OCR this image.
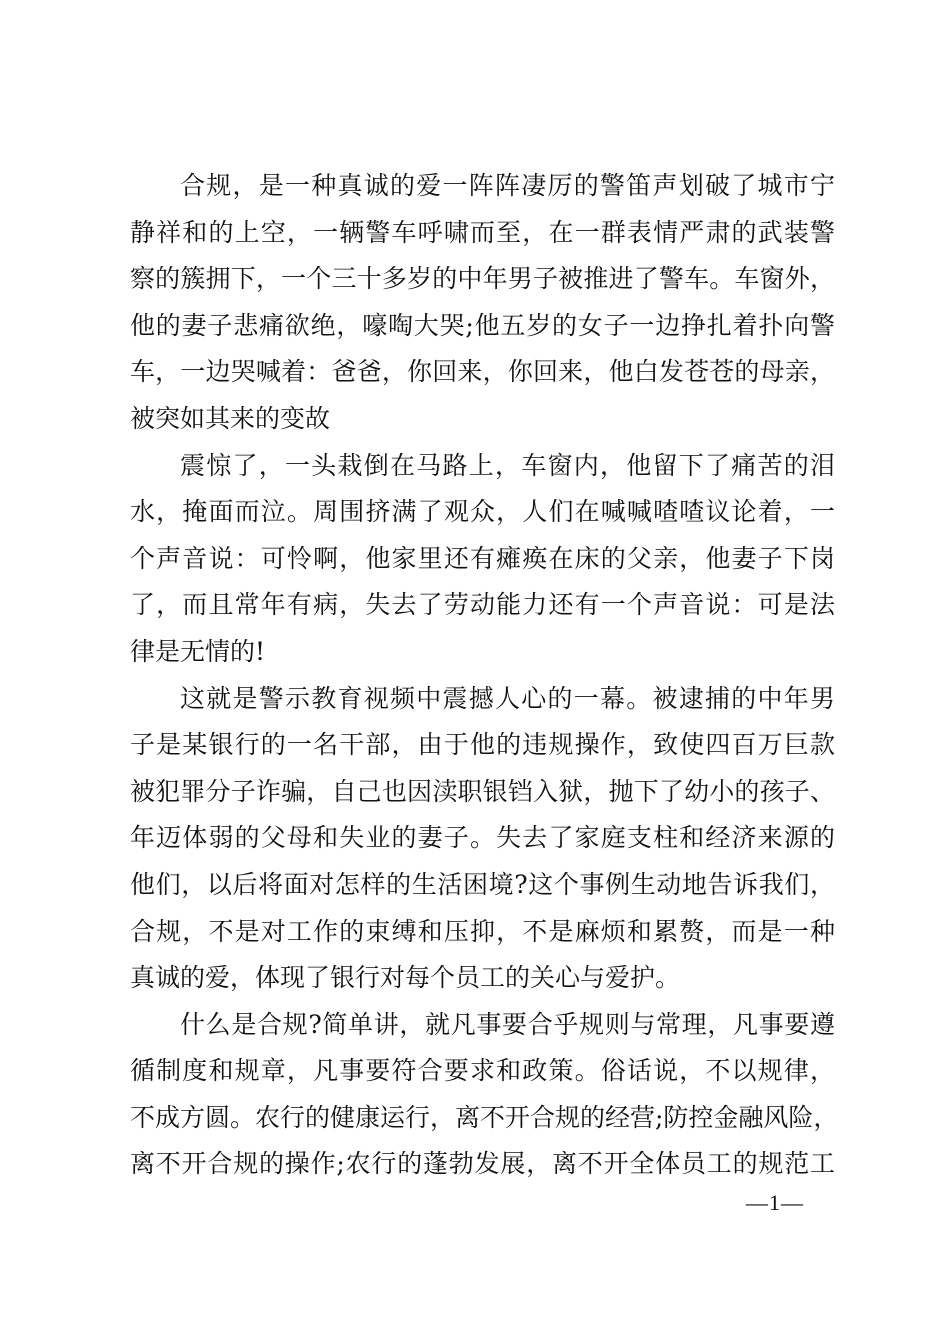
合规，是一种真诚的爱一阵阵凄厉的警笛声划破了城市宁
静祥和的上空，一辆警车呼啸而至，在一群表情严肃的武装警
察的簇拥下，一个三十多岁的中年男子被推进了警车。车窗外，
他的妻子悲痛欲绝，嚎啕大哭;他五岁的女子一边挣扎着扑向警
车，一边哭喊着：爸爸，你回来，你回来，他白发苍苍的母亲，
被突如其来的变故
震惊了，一头栽倒在马路上，车窗内，他留下了痛苦的泪
水，掩面而泣。周围挤满了观众，人们在喊喊喳喳议论着，一
个声音说：可怜啊，他家里还有瘫痪在床的父亲，他妻子下岗
了，而且常年有病，失去了劳动能力还有一个声音说：可是法
律是无情的!
这就是警示教育视频中震撼人心的一幕。被逮捕的中年男
子是某银行的一名干部，由于他的违规操作，致使四百万巨款
被犯罪分子诈骗，自己也因渎职银铛入狱，抛下了幼小的孩子、
年迈体弱的父母和失业的妻子。失去了家庭支柱和经济来源的
他们，以后将面对怎样的生活困境?这个事例生动地告诉我们，
合规，不是对工作的束缚和压抑，不是麻烦和累赘，而是一种
真诚的爱，体现了银行对每个员工的关心与爱护。
什么是合规?简单讲，就凡事要合乎规则与常理，凡事要遵
循制度和规章，凡事要符合要求和政策。俗话说，不以规律，
不成方圆。农行的健康运行，离不开合规的经营;防控金融风险，
离不开合规的操作;农行的蓬勃发展，离不开全体员工的规范工
—1—
